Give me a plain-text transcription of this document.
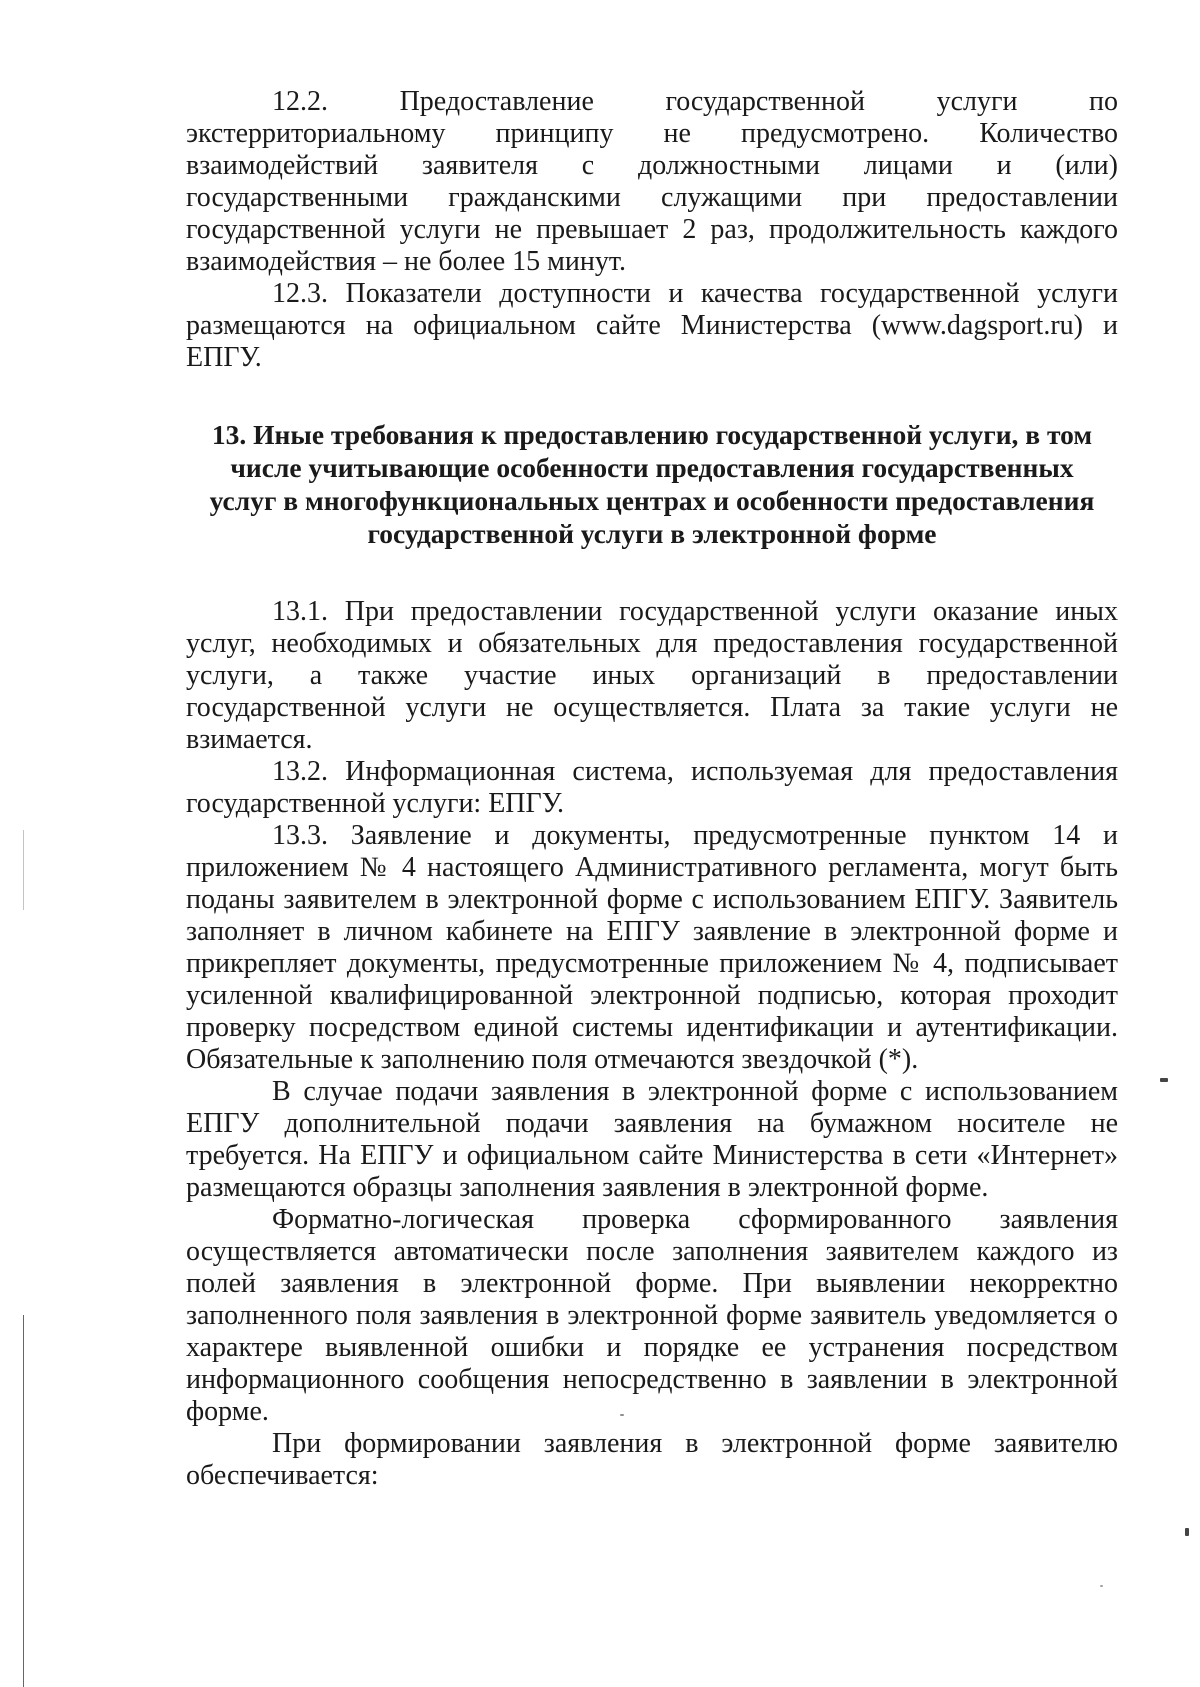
12.2. Предоставление государственной услуги по экстерриториальному принципу не предусмотрено. Количество взаимодействий заявителя с должностными лицами и (или) государственными гражданскими служащими при предоставлении государственной услуги не превышает 2 раз, продолжительность каждого взаимодействия – не более 15 минут.

12.3. Показатели доступности и качества государственной услуги размещаются на официальном сайте Министерства (www.dagsport.ru) и ЕПГУ.

13. Иные требования к предоставлению государственной услуги, в том
числе учитывающие особенности предоставления государственных
услуг в многофункциональных центрах и особенности предоставления
государственной услуги в электронной форме

13.1. При предоставлении государственной услуги оказание иных услуг, необходимых и обязательных для предоставления государственной услуги, а также участие иных организаций в предоставлении государственной услуги не осуществляется. Плата за такие услуги не взимается.

13.2. Информационная система, используемая для предоставления государственной услуги: ЕПГУ.

13.3. Заявление и документы, предусмотренные пунктом 14 и приложением № 4 настоящего Административного регламента, могут быть поданы заявителем в электронной форме с использованием ЕПГУ. Заявитель заполняет в личном кабинете на ЕПГУ заявление в электронной форме и прикрепляет документы, предусмотренные приложением № 4, подписывает усиленной квалифицированной электронной подписью, которая проходит проверку посредством единой системы идентификации и аутентификации. Обязательные к заполнению поля отмечаются звездочкой (*).

В случае подачи заявления в электронной форме с использованием ЕПГУ дополнительной подачи заявления на бумажном носителе не требуется. На ЕПГУ и официальном сайте Министерства в сети «Интернет» размещаются образцы заполнения заявления в электронной форме.

Форматно-логическая проверка сформированного заявления осуществляется автоматически после заполнения заявителем каждого из полей заявления в электронной форме. При выявлении некорректно заполненного поля заявления в электронной форме заявитель уведомляется о характере выявленной ошибки и порядке ее устранения посредством информационного сообщения непосредственно в заявлении в электронной форме.

При формировании заявления в электронной форме заявителю обеспечивается:
